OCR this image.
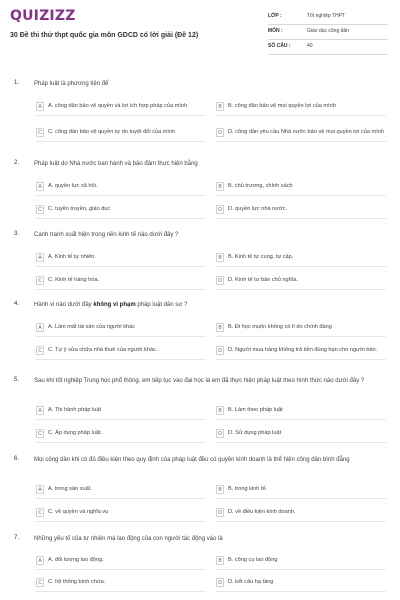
QUIZIZZ
30 Đề thi thử thpt quốc gia môn GDCD có lời giải (Đề 12)
LỚP :	Tốt nghiệp THPT
MÔN :	Giáo dục công dân
SỐ CÂU :	40
1.	Pháp luật là phương tiện để
A	A. công dân bảo vệ quyền và lợi ích hợp pháp của mình	B	B. công dân bảo vệ mọi quyền lợi của mình
C	C. công dân bảo vệ quyền tự do tuyệt đối của mình	D	D. công dân yêu cầu Nhà nước bảo vệ mọi quyền lợi của mình
2.	Pháp luật do Nhà nước ban hành và bảo đảm thực hiện bằng
A	A. quyền lực xã hội.	B	B. chủ trương, chính sách
C	C. tuyên truyền, giáo dục	D	D. quyền lực nhà nước.
3.	Cạnh tranh xuất hiện trong nền kinh tế nào dưới đây ?
A	A. Kinh tế tự nhiên.	B	B. Kinh tế tự cung, tự cấp.
C	C. Kinh tế hàng hóa.	D	D. Kinh tế tư bản chủ nghĩa.
4.	Hành vi nào dưới đây không vi phạm pháp luật dân sự ?
A	A. Làm mất tài sản của người khác	B	B. Đi học muộn không có lí do chính đáng
C	C. Tự ý sửa chữa nhà thuê của người khác.	D	D. Người mua hàng không trả tiền đúng hạn cho người bán.
5.	Sau khi tốt nghiệp Trung học phổ thông, em tiếp tục vào đại học là em đã thực hiện pháp luật theo hình thức nào dưới đây ?
A	A. Thi hành pháp luật	B	B. Làm theo pháp luật
C	C. Áp dụng pháp luật.	D	D. Sử dụng pháp luật
6.	Mọi công dân khi có đủ điều kiện theo quy định của pháp luật đều có quyền kinh doanh là thể hiện công dân bình đẳng
A	A. trong sản xuất.	B	B. trong kinh tế.
C	C. về quyền và nghĩa vụ	D	D. về điều kiện kinh doanh.
7.	Những yếu tố của tự nhiên mà lao động của con người tác động vào là
A	A. đối tượng lao động.	B	B. công cụ lao động
C	C. hệ thống bình chứa.	D	D. kết cấu hạ tầng
